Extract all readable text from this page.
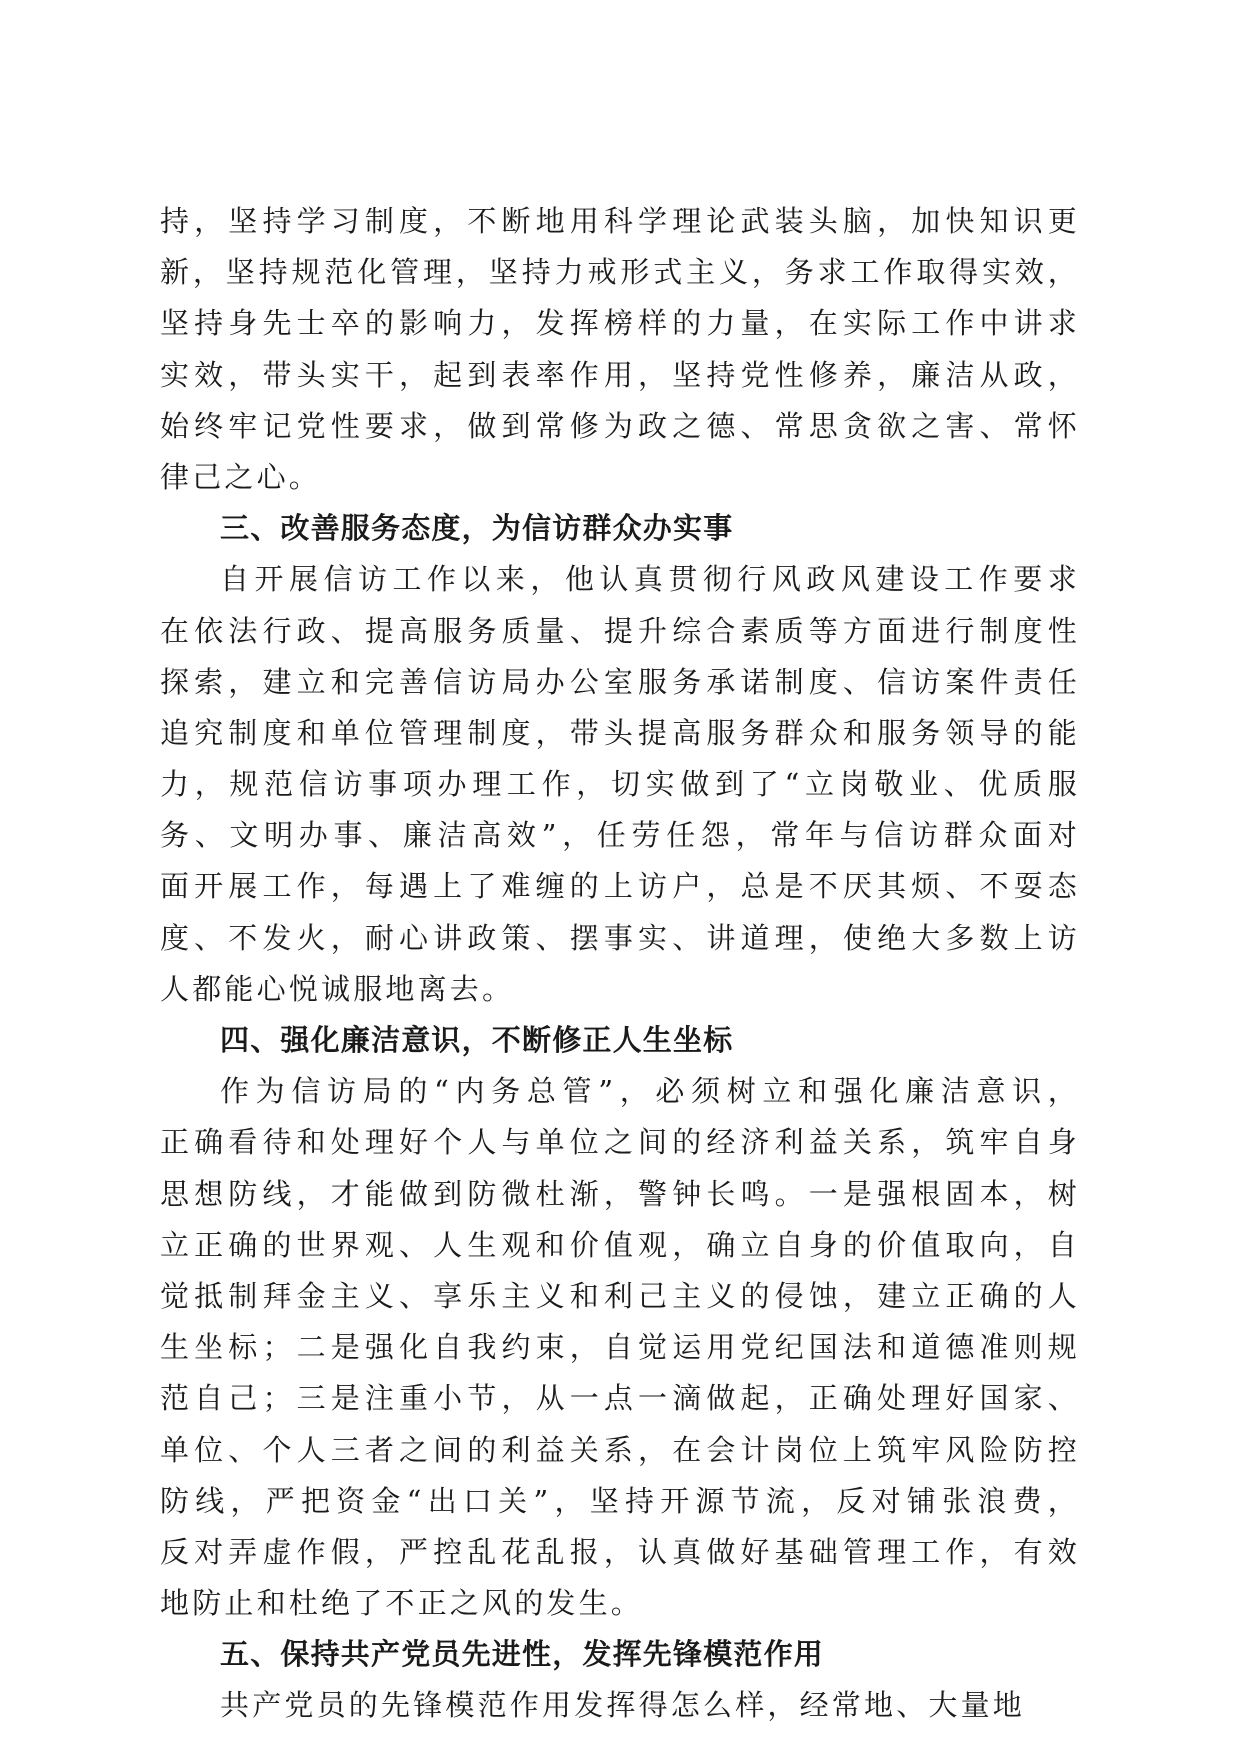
持，坚持学习制度，不断地用科学理论武装头脑，加快知识更
新，坚持规范化管理，坚持力戒形式主义，务求工作取得实效，
坚持身先士卒的影响力，发挥榜样的力量，在实际工作中讲求
实效，带头实干，起到表率作用，坚持党性修养，廉洁从政，
始终牢记党性要求，做到常修为政之德、常思贪欲之害、常怀
律己之心。
三、改善服务态度，为信访群众办实事
自开展信访工作以来，他认真贯彻行风政风建设工作要求
在依法行政、提高服务质量、提升综合素质等方面进行制度性
探索，建立和完善信访局办公室服务承诺制度、信访案件责任
追究制度和单位管理制度，带头提高服务群众和服务领导的能
力，规范信访事项办理工作，切实做到了“立岗敬业、优质服
务、文明办事、廉洁高效”，任劳任怨，常年与信访群众面对
面开展工作，每遇上了难缠的上访户，总是不厌其烦、不耍态
度、不发火，耐心讲政策、摆事实、讲道理，使绝大多数上访
人都能心悦诚服地离去。
四、强化廉洁意识，不断修正人生坐标
作为信访局的“内务总管”，必须树立和强化廉洁意识，
正确看待和处理好个人与单位之间的经济利益关系，筑牢自身
思想防线，才能做到防微杜渐，警钟长鸣。一是强根固本，树
立正确的世界观、人生观和价值观，确立自身的价值取向，自
觉抵制拜金主义、享乐主义和利己主义的侵蚀，建立正确的人
生坐标；二是强化自我约束，自觉运用党纪国法和道德准则规
范自己；三是注重小节，从一点一滴做起，正确处理好国家、
单位、个人三者之间的利益关系，在会计岗位上筑牢风险防控
防线，严把资金“出口关”，坚持开源节流，反对铺张浪费，
反对弄虚作假，严控乱花乱报，认真做好基础管理工作，有效
地防止和杜绝了不正之风的发生。
五、保持共产党员先进性，发挥先锋模范作用
共产党员的先锋模范作用发挥得怎么样，经常地、大量地
